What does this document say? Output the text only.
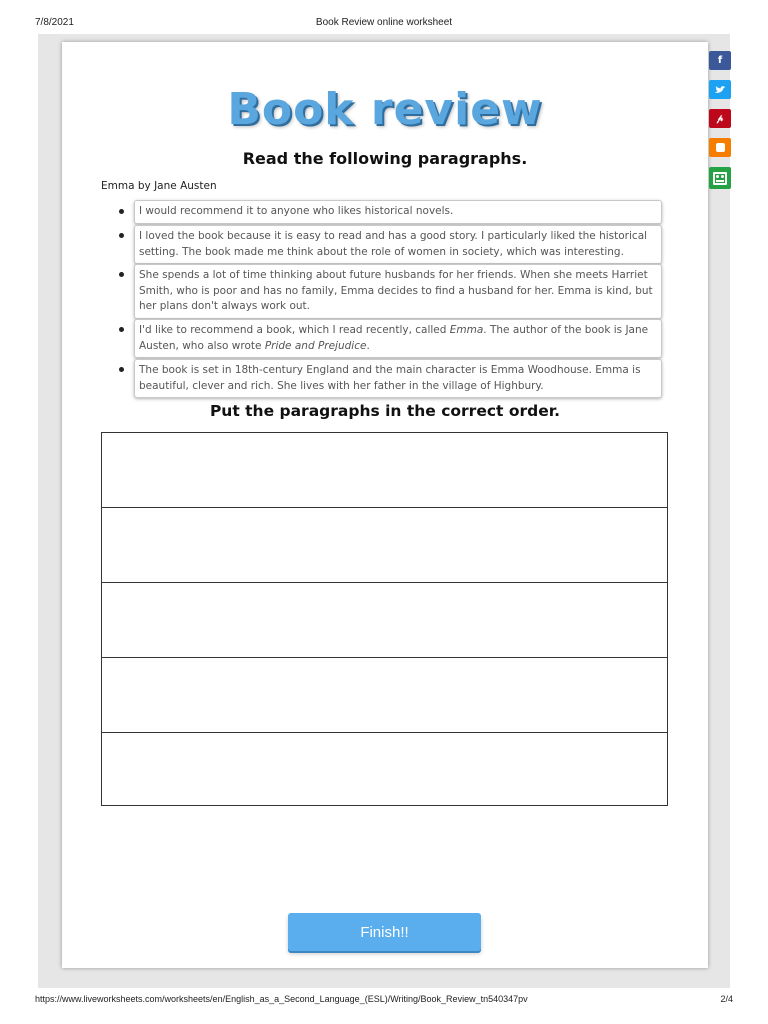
7/8/2021	Book Review online worksheet
f
𝓅
Book review
Read the following paragraphs.
Emma by Jane Austen
I would recommend it to anyone who likes historical novels.
I loved the book because it is easy to read and has a good story. I particularly liked the historical setting. The book made me think about the role of women in society, which was interesting.
She spends a lot of time thinking about future husbands for her friends. When she meets Harriet Smith, who is poor and has no family, Emma decides to find a husband for her. Emma is kind, but her plans don't always work out.
I'd like to recommend a book, which I read recently, called Emma. The author of the book is Jane Austen, who also wrote Pride and Prejudice.
The book is set in 18th-century England and the main character is Emma Woodhouse. Emma is beautiful, clever and rich. She lives with her father in the village of Highbury.
Put the paragraphs in the correct order.
Finish!!
https://www.liveworksheets.com/worksheets/en/English_as_a_Second_Language_(ESL)/Writing/Book_Review_tn540347pv	2/4
